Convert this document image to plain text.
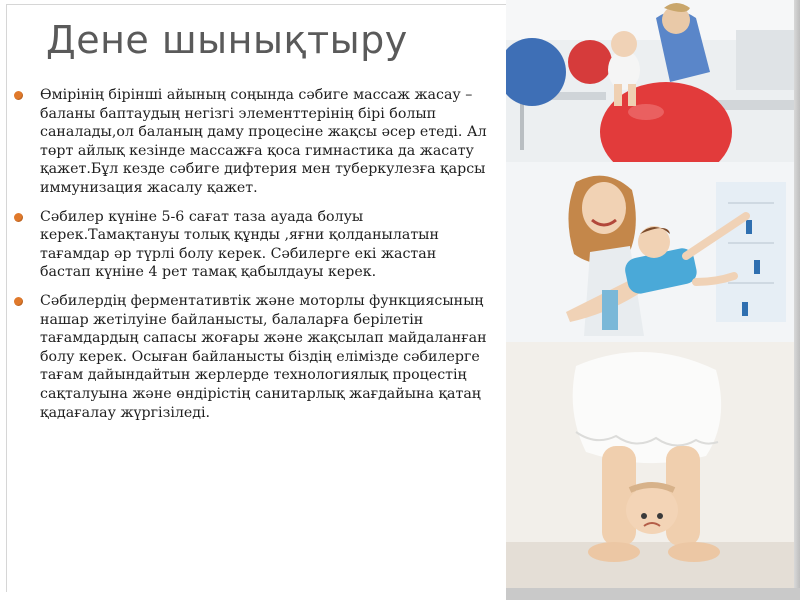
Дене шынықтыру
Өмірінің бірінші айының соңында сәбиге массаж жасау – баланы баптаудың негізгі элементтерінің бірі болып саналады,ол баланың даму процесіне жақсы әсер етеді. Ал төрт айлық кезінде массажға қоса гимнастика да жасату қажет.Бұл кезде сәбиге дифтерия мен туберкулезға қарсы иммунизация жасалу қажет.
Сәбилер күніне 5-6 сағат таза ауада болуы керек.Тамақтануы толық құнды ,яғни қолданылатын тағамдар әр түрлі болу керек. Сәбилерге екі жастан бастап күніне 4 рет тамақ қабылдауы керек.
Сәбилердің ферментативтік және моторлы функциясының нашар жетілуіне байланысты, балаларға берілетін тағамдардың сапасы жоғары және жақсылап майдаланған болу керек. Осыған байланысты біздің елімізде сәбилерге тағам дайындайтын жерлерде технологиялық процестің сақталуына және өндірістің санитарлық жағдайына қатаң қадағалау жүргізіледі.
